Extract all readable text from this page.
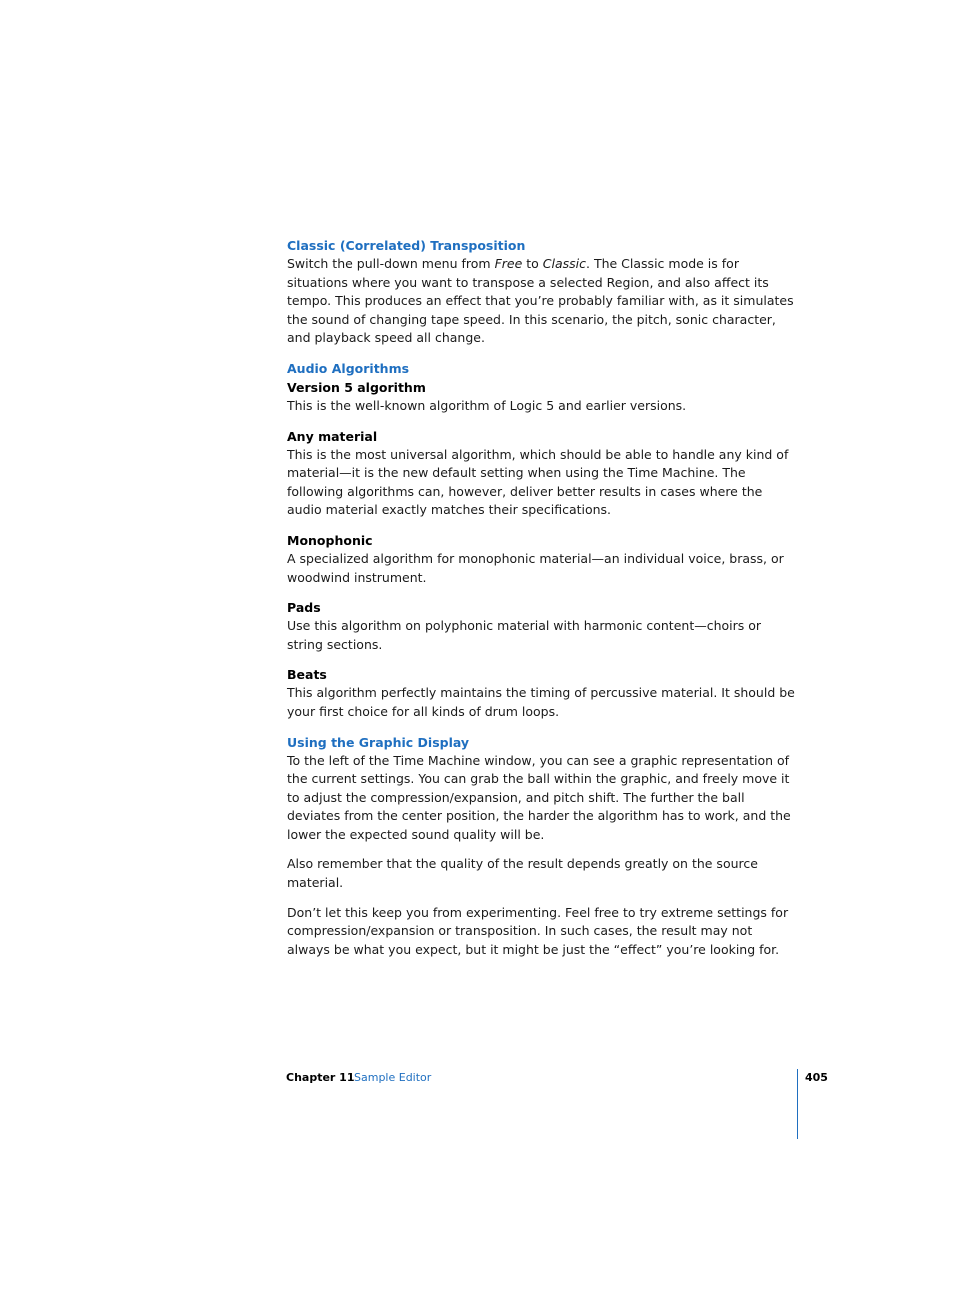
Classic (Correlated) Transposition

Switch the pull-down menu from Free to Classic. The Classic mode is for situations where you want to transpose a selected Region, and also affect its tempo. This produces an effect that you’re probably familiar with, as it simulates the sound of changing tape speed. In this scenario, the pitch, sonic character, and playback speed all change.

Audio Algorithms

Version 5 algorithm

This is the well-known algorithm of Logic 5 and earlier versions.

Any material

This is the most universal algorithm, which should be able to handle any kind of material—it is the new default setting when using the Time Machine. The following algorithms can, however, deliver better results in cases where the audio material exactly matches their specifications.

Monophonic

A specialized algorithm for monophonic material—an individual voice, brass, or woodwind instrument.

Pads

Use this algorithm on polyphonic material with harmonic content—choirs or string sections.

Beats

This algorithm perfectly maintains the timing of percussive material. It should be your first choice for all kinds of drum loops.

Using the Graphic Display

To the left of the Time Machine window, you can see a graphic representation of the current settings. You can grab the ball within the graphic, and freely move it to adjust the compression/expansion, and pitch shift. The further the ball deviates from the center position, the harder the algorithm has to work, and the lower the expected sound quality will be.

Also remember that the quality of the result depends greatly on the source material.

Don’t let this keep you from experimenting. Feel free to try extreme settings for compression/expansion or transposition. In such cases, the result may not always be what you expect, but it might be just the “effect” you’re looking for.

Chapter 11 Sample Editor	405
